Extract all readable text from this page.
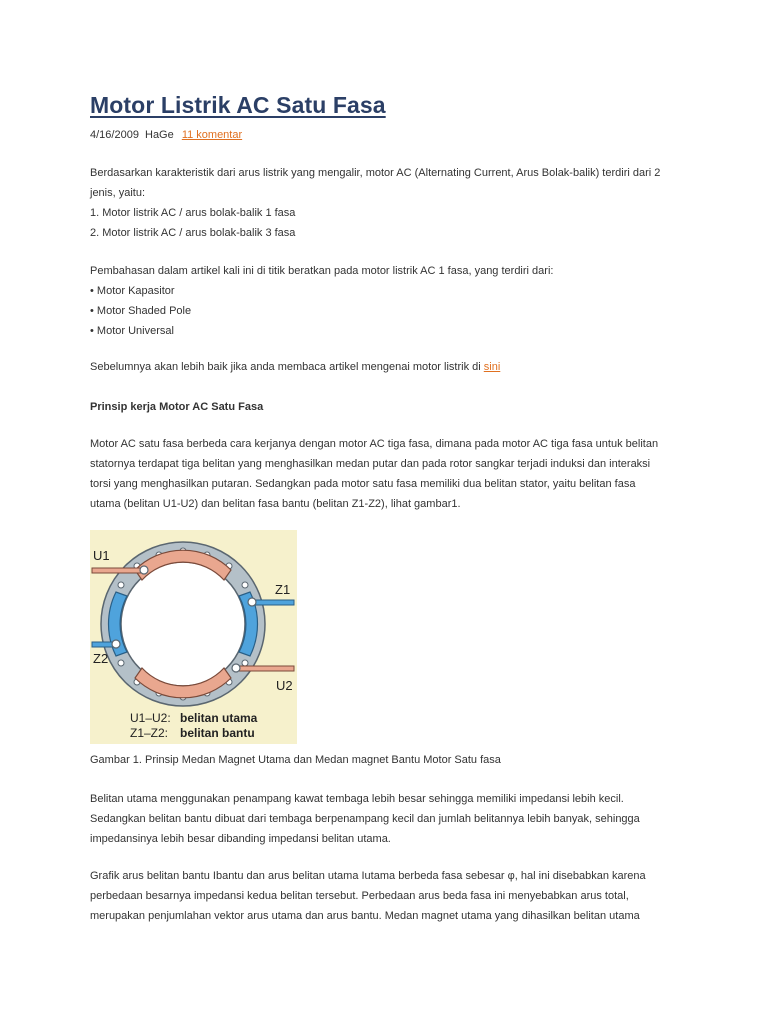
Motor Listrik AC Satu Fasa
4/16/2009 HaGe 11 komentar

Berdasarkan karakteristik dari arus listrik yang mengalir, motor AC (Alternating Current, Arus Bolak-balik) terdiri dari 2
jenis, yaitu:
1. Motor listrik AC / arus bolak-balik 1 fasa
2. Motor listrik AC / arus bolak-balik 3 fasa

Pembahasan dalam artikel kali ini di titik beratkan pada motor listrik AC 1 fasa, yang terdiri dari:
• Motor Kapasitor
• Motor Shaded Pole
• Motor Universal

Sebelumnya akan lebih baik jika anda membaca artikel mengenai motor listrik di sini

Prinsip kerja Motor AC Satu Fasa

Motor AC satu fasa berbeda cara kerjanya dengan motor AC tiga fasa, dimana pada motor AC tiga fasa untuk belitan
statornya terdapat tiga belitan yang menghasilkan medan putar dan pada rotor sangkar terjadi induksi dan interaksi
torsi yang menghasilkan putaran. Sedangkan pada motor satu fasa memiliki dua belitan stator, yaitu belitan fasa
utama (belitan U1-U2) dan belitan fasa bantu (belitan Z1-Z2), lihat gambar1.

U1
Z1
Z2
U2
U1–U2: belitan utama
Z1–Z2: belitan bantu

Gambar 1. Prinsip Medan Magnet Utama dan Medan magnet Bantu Motor Satu fasa

Belitan utama menggunakan penampang kawat tembaga lebih besar sehingga memiliki impedansi lebih kecil.
Sedangkan belitan bantu dibuat dari tembaga berpenampang kecil dan jumlah belitannya lebih banyak, sehingga
impedansinya lebih besar dibanding impedansi belitan utama.

Grafik arus belitan bantu Ibantu dan arus belitan utama Iutama berbeda fasa sebesar φ, hal ini disebabkan karena
perbedaan besarnya impedansi kedua belitan tersebut. Perbedaan arus beda fasa ini menyebabkan arus total,
merupakan penjumlahan vektor arus utama dan arus bantu. Medan magnet utama yang dihasilkan belitan utama
